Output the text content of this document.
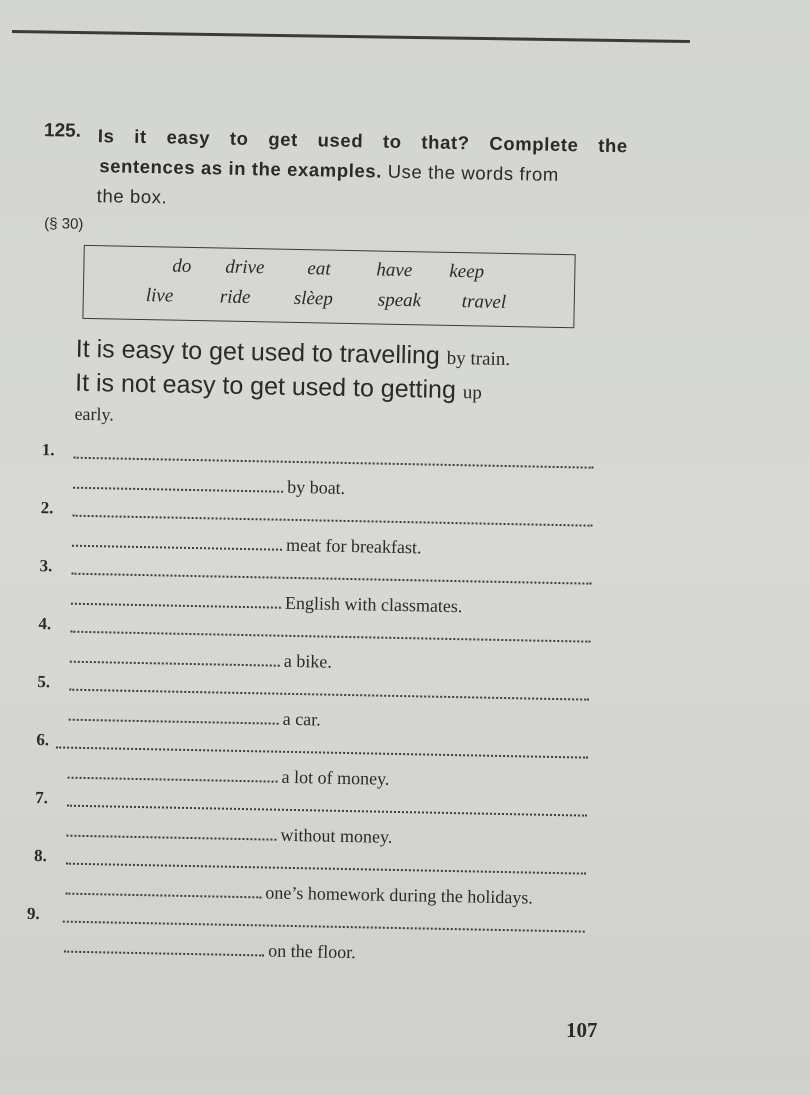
125. Is it easy to get used to that? Complete the
sentences as in the examples. Use the words from
the box.
(§ 30)
do drive eat have keep
live ride slèep speak travel
It is easy to get used to travelling by train.
It is not easy to get used to getting up
early.
1.
by boat.
2.
meat for breakfast.
3.
English with classmates.
4.
a bike.
5.
a car.
6.
a lot of money.
7.
without money.
8.
one’s homework during the holidays.
9.
on the floor.
107
